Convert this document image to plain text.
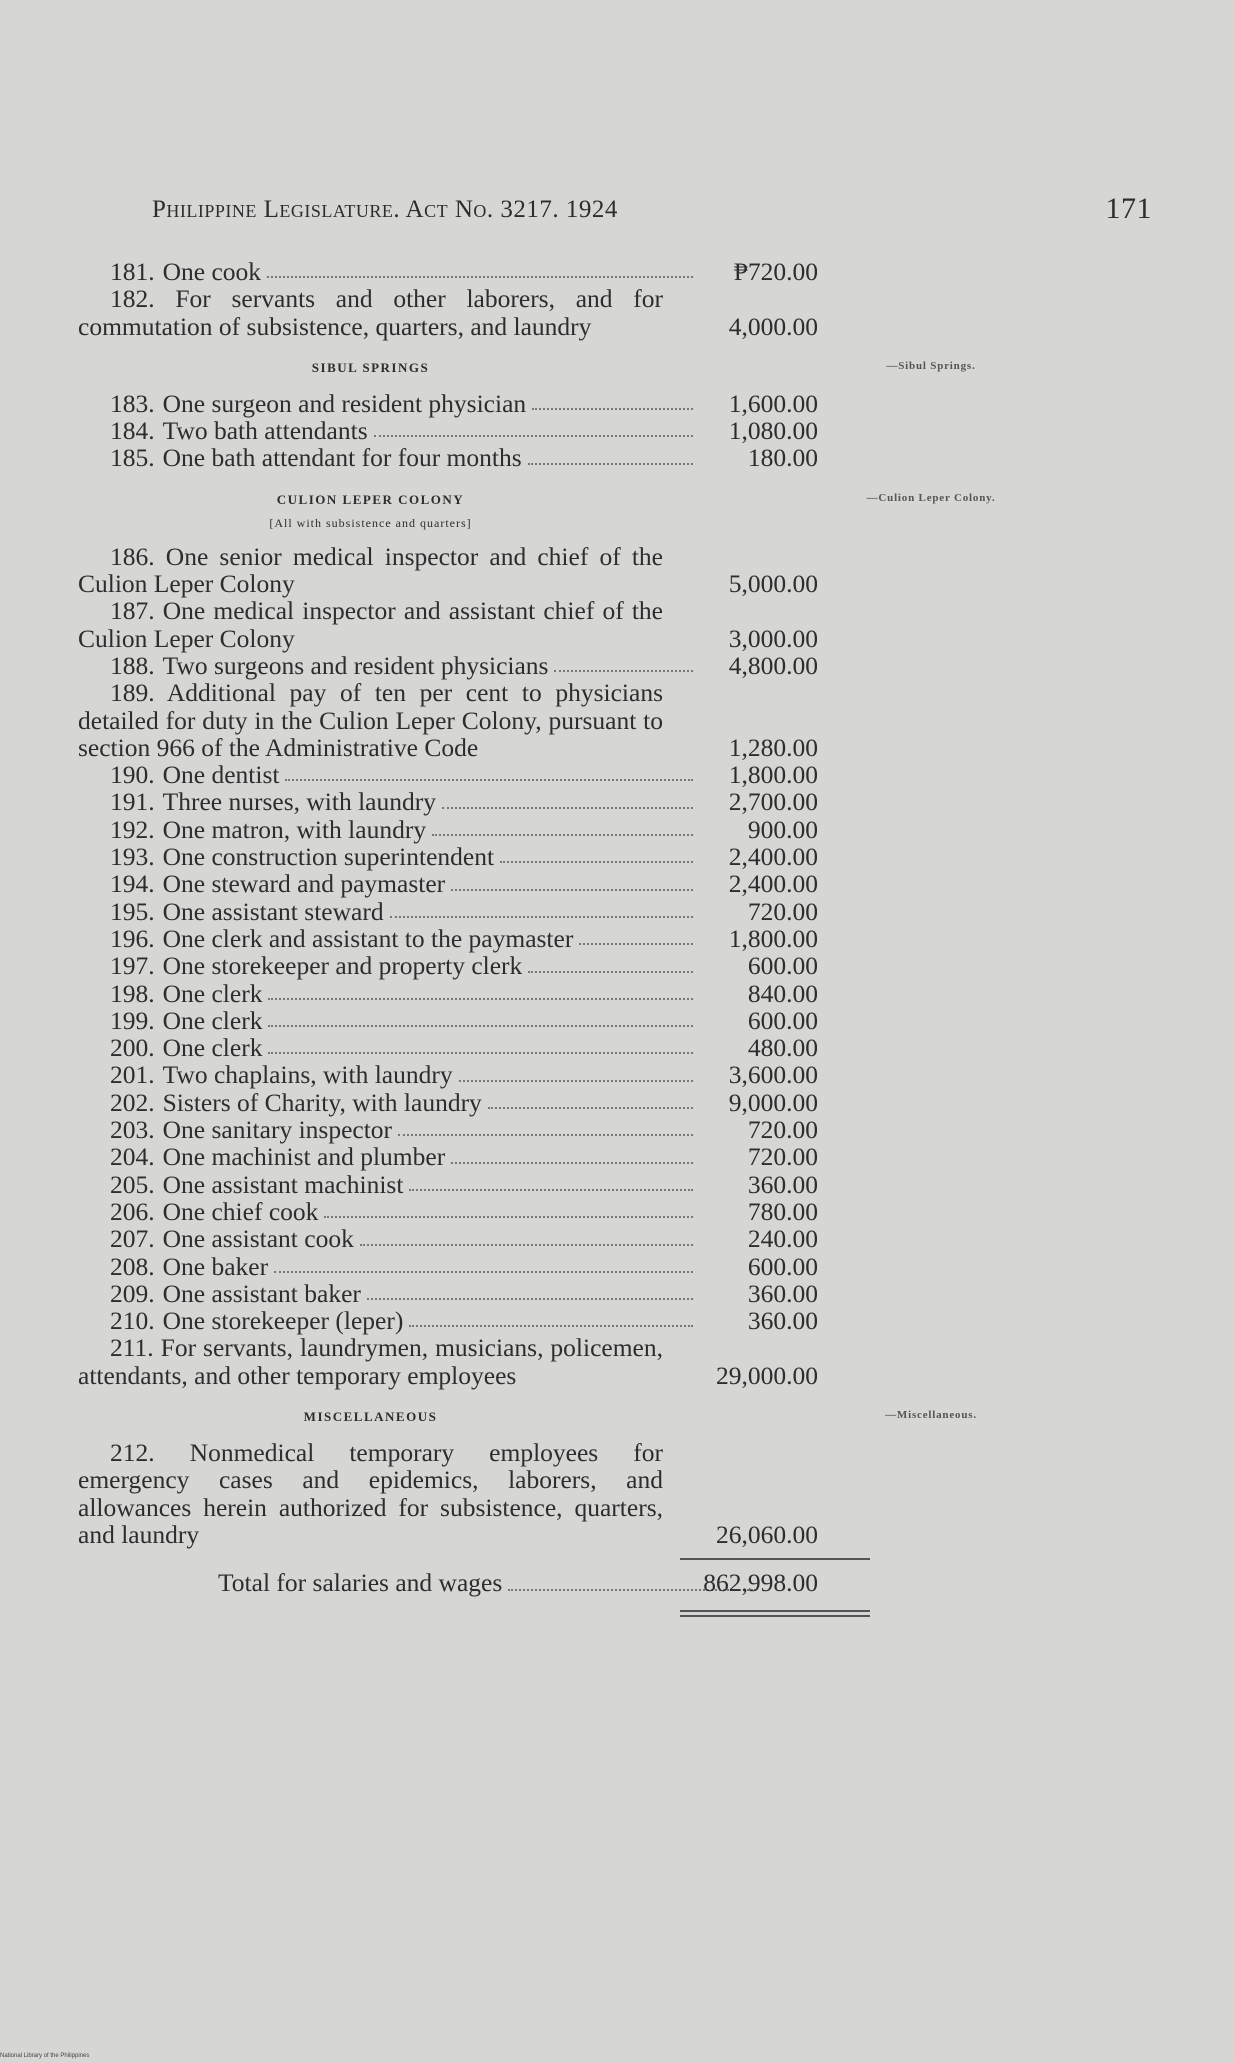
Philippine Legislature. Act No. 3217. 1924	171
181. One cook	₱720.00
182. For servants and other laborers, and for commutation of subsistence, quarters, and laundry	4,000.00
SIBUL SPRINGS	—Sibul Springs.
183. One surgeon and resident physician	1,600.00
184. Two bath attendants	1,080.00
185. One bath attendant for four months	180.00
CULION LEPER COLONY	—Culion Leper Colony.
[All with subsistence and quarters]
186. One senior medical inspector and chief of the Culion Leper Colony	5,000.00
187. One medical inspector and assistant chief of the Culion Leper Colony	3,000.00
188. Two surgeons and resident physicians	4,800.00
189. Additional pay of ten per cent to physicians detailed for duty in the Culion Leper Colony, pursuant to section 966 of the Administrative Code	1,280.00
190. One dentist	1,800.00
191. Three nurses, with laundry	2,700.00
192. One matron, with laundry	900.00
193. One construction superintendent	2,400.00
194. One steward and paymaster	2,400.00
195. One assistant steward	720.00
196. One clerk and assistant to the paymaster	1,800.00
197. One storekeeper and property clerk	600.00
198. One clerk	840.00
199. One clerk	600.00
200. One clerk	480.00
201. Two chaplains, with laundry	3,600.00
202. Sisters of Charity, with laundry	9,000.00
203. One sanitary inspector	720.00
204. One machinist and plumber	720.00
205. One assistant machinist	360.00
206. One chief cook	780.00
207. One assistant cook	240.00
208. One baker	600.00
209. One assistant baker	360.00
210. One storekeeper (leper)	360.00
211. For servants, laundrymen, musicians, policemen, attendants, and other temporary employees	29,000.00
MISCELLANEOUS	—Miscellaneous.
212. Nonmedical temporary employees for emergency cases and epidemics, laborers, and allowances herein authorized for subsistence, quarters, and laundry	26,060.00
Total for salaries and wages	862,998.00
National Library of the Philippines
